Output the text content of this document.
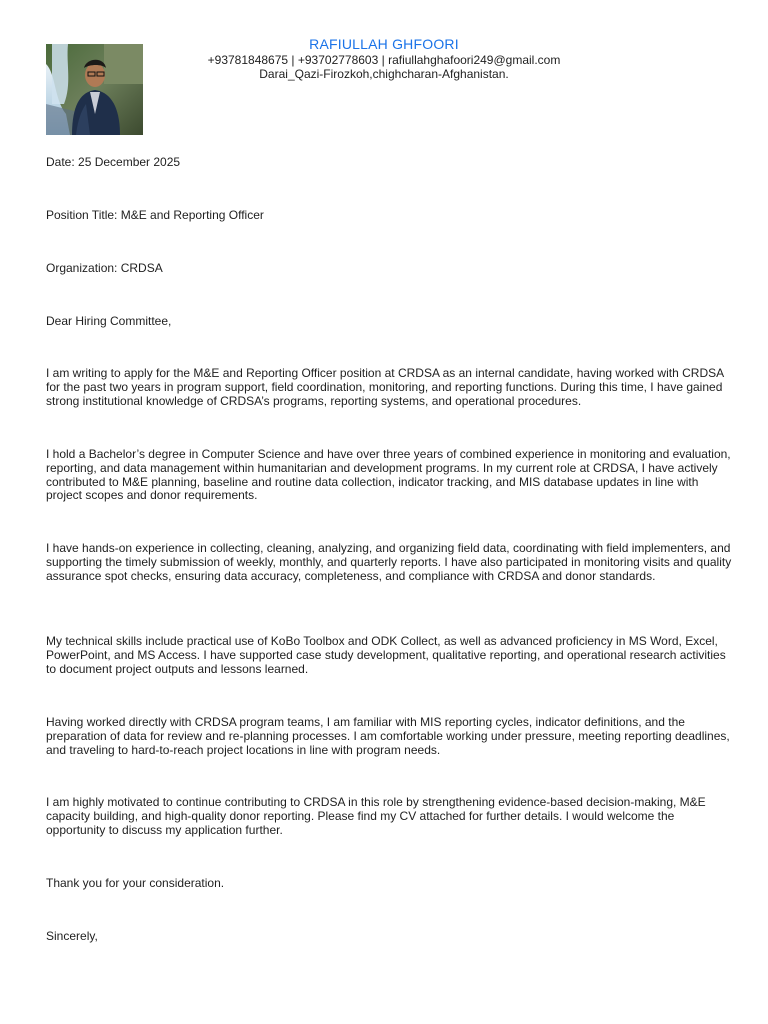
RAFIULLAH GHFOORI
+93781848675 | +93702778603 | rafiullahghafoori249@gmail.com
Darai_Qazi-Firozkoh,chighcharan-Afghanistan.

Date: 25 December 2025

Position Title: M&E and Reporting Officer

Organization: CRDSA

Dear Hiring Committee,

I am writing to apply for the M&E and Reporting Officer position at CRDSA as an internal candidate, having worked with CRDSA for the past two years in program support, field coordination, monitoring, and reporting functions. During this time, I have gained strong institutional knowledge of CRDSA’s programs, reporting systems, and operational procedures.

I hold a Bachelor’s degree in Computer Science and have over three years of combined experience in monitoring and evaluation, reporting, and data management within humanitarian and development programs. In my current role at CRDSA, I have actively contributed to M&E planning, baseline and routine data collection, indicator tracking, and MIS database updates in line with project scopes and donor requirements.

I have hands-on experience in collecting, cleaning, analyzing, and organizing field data, coordinating with field implementers, and supporting the timely submission of weekly, monthly, and quarterly reports. I have also participated in monitoring visits and quality assurance spot checks, ensuring data accuracy, completeness, and compliance with CRDSA and donor standards.

My technical skills include practical use of KoBo Toolbox and ODK Collect, as well as advanced proficiency in MS Word, Excel, PowerPoint, and MS Access. I have supported case study development, qualitative reporting, and operational research activities to document project outputs and lessons learned.

Having worked directly with CRDSA program teams, I am familiar with MIS reporting cycles, indicator definitions, and the preparation of data for review and re-planning processes. I am comfortable working under pressure, meeting reporting deadlines, and traveling to hard-to-reach project locations in line with program needs.

I am highly motivated to continue contributing to CRDSA in this role by strengthening evidence-based decision-making, M&E capacity building, and high-quality donor reporting. Please find my CV attached for further details. I would welcome the opportunity to discuss my application further.

Thank you for your consideration.

Sincerely,
